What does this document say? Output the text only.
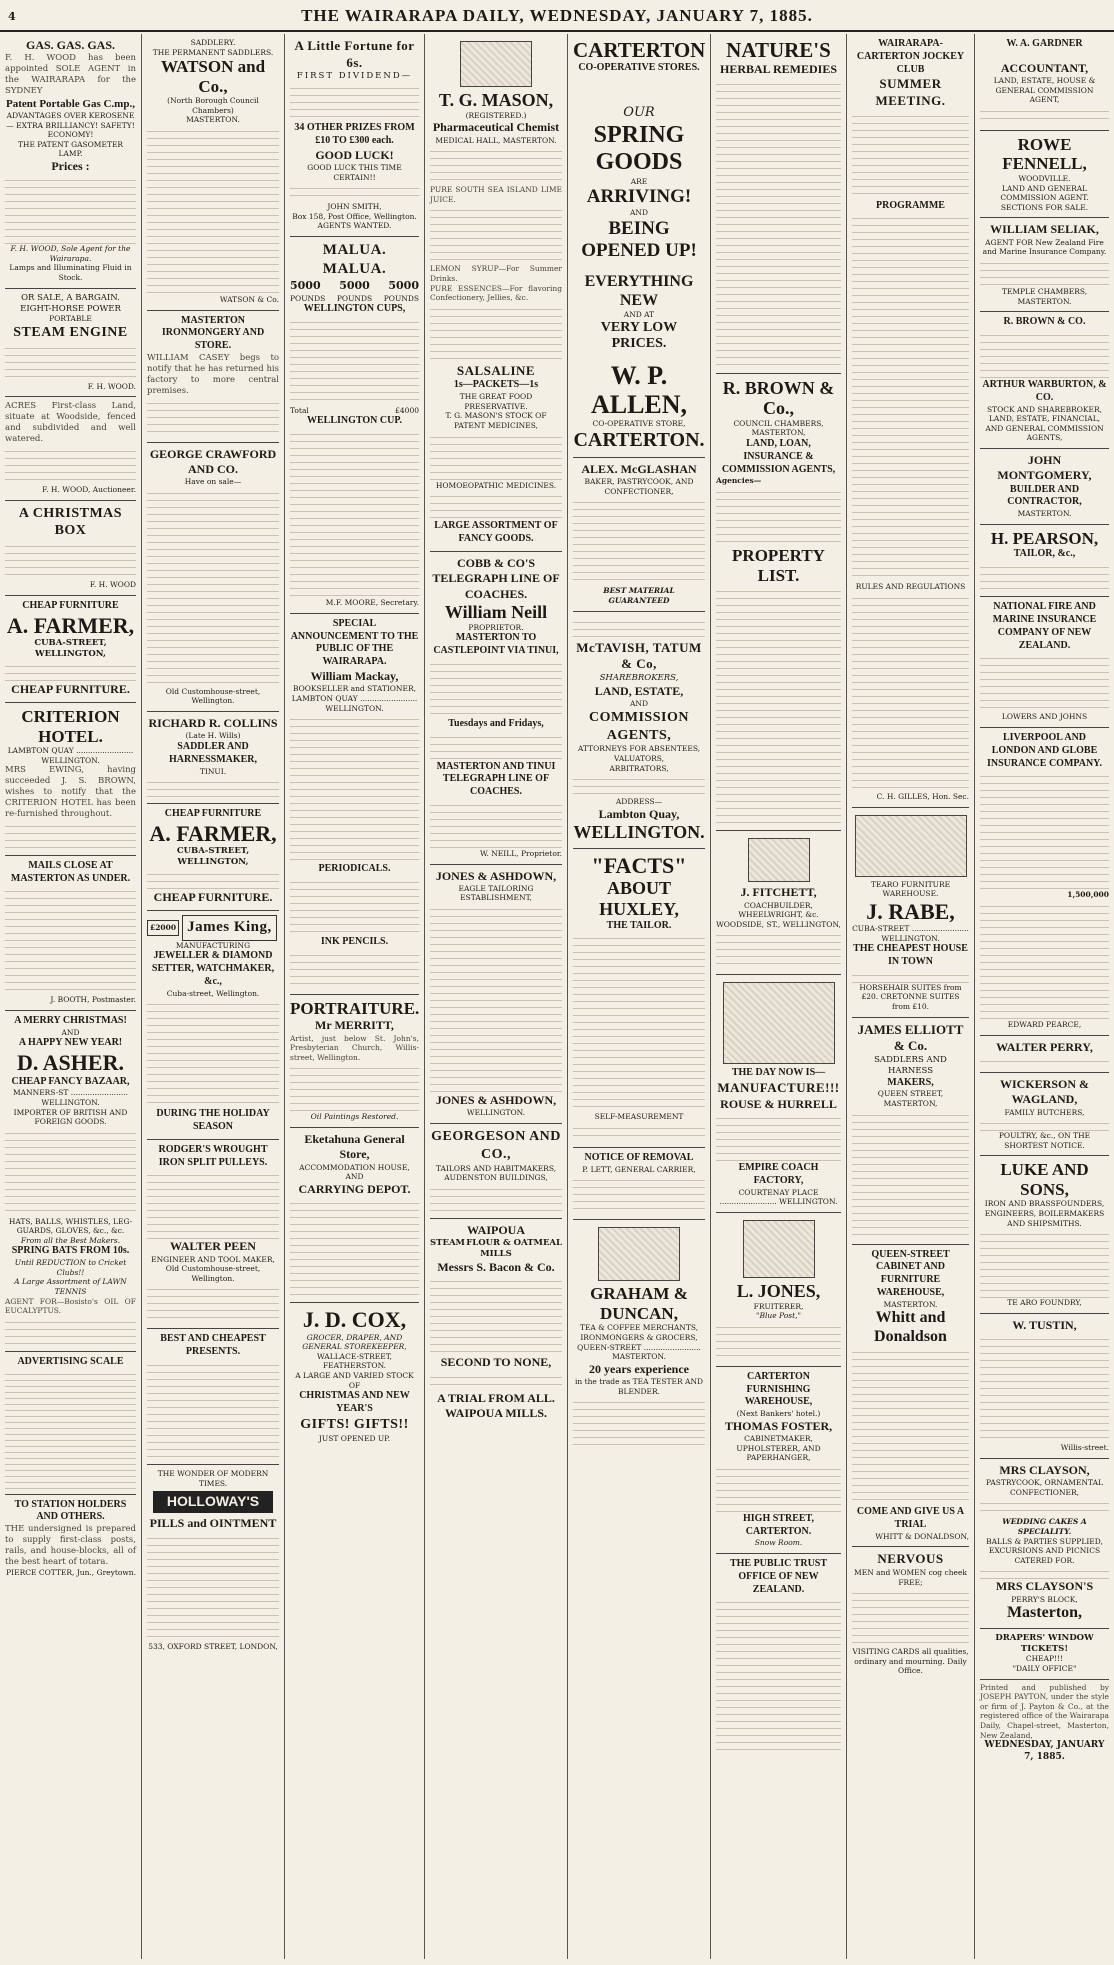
THE WAIRARAPA DAILY, WEDNESDAY, JANUARY 7, 1885.
4
GAS. GAS. GAS.
F. H. WOOD has been appointed SOLE AGENT in the WAIRARAPA for the SYDNEY
Patent Portable Gas C.mp.,
ADVANTAGES OVER KEROSENE— EXTRA BRILLIANCY! SAFETY! ECONOMY!
THE PATENT GASOMETER LAMP.
Prices :
F. H. WOOD, Sole Agent for the Wairarapa.
Lamps and Illuminating Fluid in Stock.
OR SALE, A BARGAIN.
EIGHT-HORSE POWER
PORTABLE
STEAM ENGINE
F. H. WOOD.
ACRES First-class Land, situate at Woodside, fenced and subdivided and well watered.
F. H. WOOD, Auctioneer.
A CHRISTMAS BOX
F. H. WOOD
CHEAP FURNITURE
A. FARMER,
CUBA-STREET, WELLINGTON,
CHEAP FURNITURE.
CRITERION HOTEL.
LAMBTON QUAY ........................ WELLINGTON.
MRS EWING, having succeeded J. S. BROWN, wishes to notify that the CRITERION HOTEL has been re-furnished throughout.
MAILS CLOSE AT MASTERTON AS UNDER.
J. BOOTH, Postmaster.
A MERRY CHRISTMAS!
AND
A HAPPY NEW YEAR!
D. ASHER.
CHEAP FANCY BAZAAR,
MANNERS-ST ........................ WELLINGTON.
IMPORTER OF BRITISH AND FOREIGN GOODS.
HATS, BALLS, WHISTLES, LEG-GUARDS, GLOVES, &c., &c.
From all the Best Makers.
SPRING BATS FROM 10s.
Until REDUCTION to Cricket Clubs!!
A Large Assortment of LAWN TENNIS
AGENT FOR—Bosisto's OIL OF EUCALYPTUS.
ADVERTISING SCALE
TO STATION HOLDERS AND OTHERS.
THE undersigned is prepared to supply first-class posts, rails, and house-blocks, all of the best heart of totara.
PIERCE COTTER, Jun., Greytown.
SADDLERY.
THE PERMANENT SADDLERS.
WATSON and Co.,
(North Borough Council Chambers)
MASTERTON.
WATSON & Co.
MASTERTON IRONMONGERY AND STORE.
WILLIAM CASEY begs to notify that he has returned his factory to more central premises.
GEORGE CRAWFORD AND CO.
Have on sale—
Old Customhouse-street, Wellington.
RICHARD R. COLLINS
(Late H. Wills)
SADDLER AND HARNESSMAKER,
TINUI.
CHEAP FURNITURE
A. FARMER,
CUBA-STREET, WELLINGTON,
CHEAP FURNITURE.
£2000 James King,
MANUFACTURING
JEWELLER & DIAMOND SETTER, WATCHMAKER, &c.,
Cuba-street, Wellington.
DURING THE HOLIDAY SEASON
RODGER'S WROUGHT IRON SPLIT PULLEYS.
WALTER PEEN
ENGINEER AND TOOL MAKER,
Old Customhouse-street, Wellington.
BEST AND CHEAPEST PRESENTS.
THE WONDER OF MODERN TIMES.
HOLLOWAY'S
PILLS and OINTMENT
533, OXFORD STREET, LONDON,
A Little Fortune for 6s.
FIRST DIVIDEND—
34 OTHER PRIZES FROM £10 TO £300 each.
GOOD LUCK!
GOOD LUCK THIS TIME CERTAIN!!
JOHN SMITH,
Box 158, Post Office, Wellington.
AGENTS WANTED.
MALUA. MALUA.
5000 5000 5000
POUNDS POUNDS POUNDS
WELLINGTON CUPS,
Total	£4000
WELLINGTON CUP.
M.F. MOORE, Secretary.
SPECIAL ANNOUNCEMENT TO THE PUBLIC OF THE WAIRARAPA.
William Mackay,
BOOKSELLER and STATIONER,
LAMBTON QUAY ........................ WELLINGTON.
PERIODICALS.
INK PENCILS.
PORTRAITURE.
Mr MERRITT,
Artist, just below St. John's, Presbyterian Church, Willis-street, Wellington.
Oil Paintings Restored.
Eketahuna General Store,
ACCOMMODATION HOUSE, AND
CARRYING DEPOT.
J. D. COX,
GROCER, DRAPER, AND GENERAL STOREKEEPER,
WALLACE-STREET, FEATHERSTON.
A LARGE AND VARIED STOCK OF
CHRISTMAS AND NEW YEAR'S
GIFTS! GIFTS!!
JUST OPENED UP.
T. G. MASON,
(REGISTERED.)
Pharmaceutical Chemist
MEDICAL HALL, MASTERTON.
PURE SOUTH SEA ISLAND LIME JUICE.
LEMON SYRUP—For Summer Drinks.
PURE ESSENCES—For flavoring Confectionery, Jellies, &c.
SALSALINE
1s—PACKETS—1s
THE GREAT FOOD PRESERVATIVE.
T. G. MASON'S STOCK OF PATENT MEDICINES,
HOMOEOPATHIC MEDICINES.
LARGE ASSORTMENT OF FANCY GOODS.
COBB & CO'S TELEGRAPH LINE OF COACHES.
William Neill
PROPRIETOR.
MASTERTON TO CASTLEPOINT VIA TINUI,
Tuesdays and Fridays,
MASTERTON AND TINUI TELEGRAPH LINE OF COACHES.
W. NEILL, Proprietor.
JONES & ASHDOWN,
EAGLE TAILORING ESTABLISHMENT,
JONES & ASHDOWN,
WELLINGTON.
GEORGESON AND CO.,
TAILORS AND HABITMAKERS,
AUDENSTON BUILDINGS,
WAIPOUA
STEAM FLOUR & OATMEAL
MILLS
Messrs S. Bacon & Co.
SECOND TO NONE,
A TRIAL FROM ALL.
WAIPOUA MILLS.
CARTERTON
CO-OPERATIVE STORES.
OUR
SPRING GOODS
ARE
ARRIVING!
AND
BEING OPENED UP!
EVERYTHING NEW
AND AT
VERY LOW PRICES.
W. P. ALLEN,
CO-OPERATIVE STORE,
CARTERTON.
ALEX. McGLASHAN
BAKER, PASTRYCOOK, AND CONFECTIONER,
BEST MATERIAL GUARANTEED
McTAVISH, TATUM & Co,
SHAREBROKERS,
LAND, ESTATE,
AND
COMMISSION AGENTS,
ATTORNEYS FOR ABSENTEES,
VALUATORS,
ARBITRATORS,
ADDRESS—
Lambton Quay,
WELLINGTON.
"FACTS"
ABOUT HUXLEY,
THE TAILOR.
SELF-MEASUREMENT
NOTICE OF REMOVAL
P. LETT, GENERAL CARRIER,
GRAHAM & DUNCAN,
TEA & COFFEE MERCHANTS, IRONMONGERS & GROCERS,
QUEEN-STREET ........................ MASTERTON.
20 years experience
in the trade as TEA TESTER AND BLENDER.
NATURE'S
HERBAL REMEDIES
R. BROWN & Co.,
COUNCIL CHAMBERS, MASTERTON,
LAND, LOAN, INSURANCE & COMMISSION AGENTS,
Agencies—
PROPERTY LIST.
J. FITCHETT,
COACHBUILDER, WHEELWRIGHT, &c.
WOODSIDE, ST., WELLINGTON,
THE DAY NOW IS—
MANUFACTURE!!!
ROUSE & HURRELL
EMPIRE COACH FACTORY,
COURTENAY PLACE ........................ WELLINGTON.
L. JONES,
FRUITERER,
"Blue Post,"
CARTERTON FURNISHING WAREHOUSE,
(Next Bankers' hotel.)
THOMAS FOSTER,
CABINETMAKER, UPHOLSTERER, AND PAPERHANGER,
HIGH STREET, CARTERTON.
Snow Room.
THE PUBLIC TRUST OFFICE OF NEW ZEALAND.
WAIRARAPA-CARTERTON JOCKEY CLUB
SUMMER MEETING.
PROGRAMME
RULES AND REGULATIONS
C. H. GILLES, Hon. Sec.
TEARO FURNITURE WAREHOUSE.
J. RABE,
CUBA-STREET ........................ WELLINGTON.
THE CHEAPEST HOUSE IN TOWN
HORSEHAIR SUITES from £20. CRETONNE SUITES from £10.
JAMES ELLIOTT & Co.
SADDLERS AND HARNESS
MAKERS,
QUEEN STREET, MASTERTON,
QUEEN-STREET CABINET AND FURNITURE WAREHOUSE,
MASTERTON.
Whitt and Donaldson
COME AND GIVE US A TRIAL
WHITT & DONALDSON,
NERVOUS
MEN and WOMEN cog cheek FREE;
VISITING CARDS all qualities, ordinary and mourning. Daily Office.
W. A. GARDNER
ACCOUNTANT,
LAND, ESTATE, HOUSE & GENERAL COMMISSION AGENT,
ROWE FENNELL,
WOODVILLE.
LAND AND GENERAL COMMISSION AGENT.
SECTIONS FOR SALE.
WILLIAM SELIAK,
AGENT FOR New Zealand Fire and Marine Insurance Company.
TEMPLE CHAMBERS, MASTERTON.
R. BROWN & CO.
ARTHUR WARBURTON, & CO.
STOCK AND SHAREBROKER, LAND, ESTATE, FINANCIAL, AND GENERAL COMMISSION AGENTS,
JOHN MONTGOMERY,
BUILDER AND CONTRACTOR,
MASTERTON.
H. PEARSON,
TAILOR, &c.,
NATIONAL FIRE AND MARINE INSURANCE COMPANY OF NEW ZEALAND.
LOWERS AND JOHNS
LIVERPOOL AND LONDON AND GLOBE INSURANCE COMPANY.
1,500,000
EDWARD PEARCE,
WALTER PERRY,
WICKERSON & WAGLAND,
FAMILY BUTCHERS,
POULTRY, &c., ON THE SHORTEST NOTICE.
LUKE AND SONS,
IRON AND BRASSFOUNDERS, ENGINEERS, BOILERMAKERS AND SHIPSMITHS.
TE ARO FOUNDRY,
W. TUSTIN,
Willis-street.
MRS CLAYSON,
PASTRYCOOK, ORNAMENTAL CONFECTIONER,
WEDDING CAKES A SPECIALITY.
BALLS & PARTIES SUPPLIED,
EXCURSIONS AND PICNICS CATERED FOR.
MRS CLAYSON'S
PERRY'S BLOCK,
Masterton,
DRAPERS' WINDOW TICKETS!
CHEAP!!!
"DAILY OFFICE"
Printed and published by JOSEPH PAYTON, under the style or firm of J. Payton & Co., at the registered office of the Wairarapa Daily, Chapel-street, Masterton, New Zealand,
WEDNESDAY, JANUARY 7, 1885.
